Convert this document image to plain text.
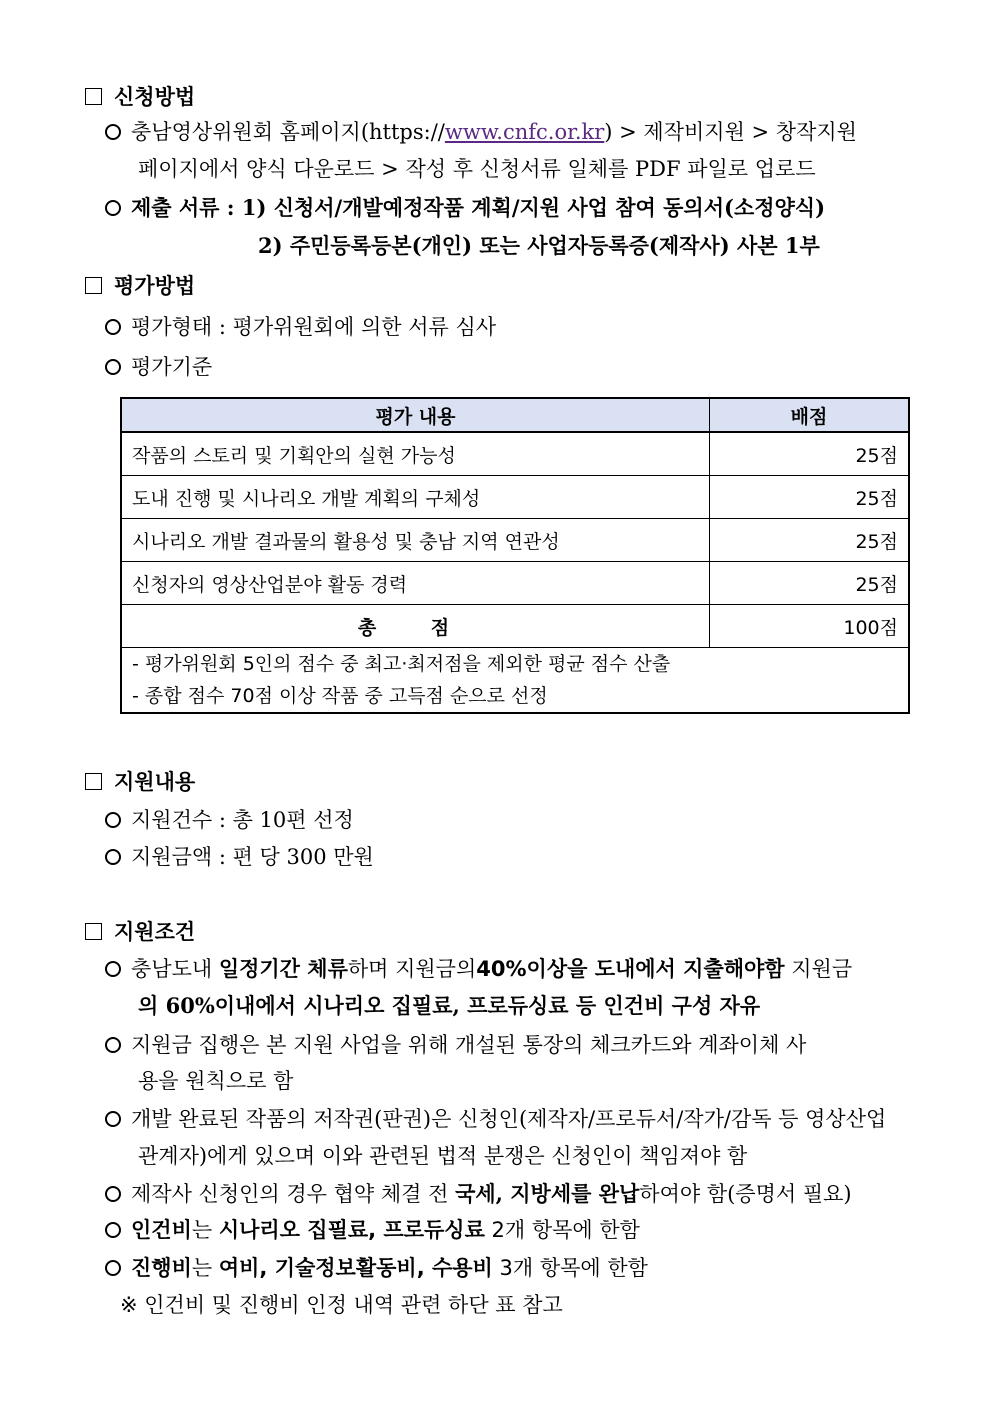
신청방법
충남영상위원회 홈페이지(https://www.cnfc.or.kr) > 제작비지원 > 창작지원
페이지에서 양식 다운로드 > 작성 후 신청서류 일체를 PDF 파일로 업로드
제출 서류 : 1) 신청서/개발예정작품 계획/지원 사업 참여 동의서(소정양식)
2) 주민등록등본(개인) 또는 사업자등록증(제작사) 사본 1부
평가방법
평가형태 : 평가위원회에 의한 서류 심사
평가기준
평가 내용	배점
작품의 스토리 및 기획안의 실현 가능성	25점
도내 진행 및 시나리오 개발 계획의 구체성	25점
시나리오 개발 결과물의 활용성 및 충남 지역 연관성	25점
신청자의 영상산업분야 활동 경력	25점
총 점	100점

- 평가위원회 5인의 점수 중 최고·최저점을 제외한 평균 점수 산출
- 종합 점수 70점 이상 작품 중 고득점 순으로 선정	
지원내용
지원건수 : 총 10편 선정
지원금액 : 편 당 300 만원
지원조건
충남도내 일정기간 체류하며 지원금의40%이상을 도내에서 지출해야함 지원금
의 60%이내에서 시나리오 집필료, 프로듀싱료 등 인건비 구성 자유
지원금 집행은 본 지원 사업을 위해 개설된 통장의 체크카드와 계좌이체 사
용을 원칙으로 함
개발 완료된 작품의 저작권(판권)은 신청인(제작자/프로듀서/작가/감독 등 영상산업
관계자)에게 있으며 이와 관련된 법적 분쟁은 신청인이 책임져야 함
제작사 신청인의 경우 협약 체결 전 국세, 지방세를 완납하여야 함(증명서 필요)
인건비는 시나리오 집필료, 프로듀싱료 2개 항목에 한함
진행비는 여비, 기술정보활동비, 수용비 3개 항목에 한함
※ 인건비 및 진행비 인정 내역 관련 하단 표 참고
